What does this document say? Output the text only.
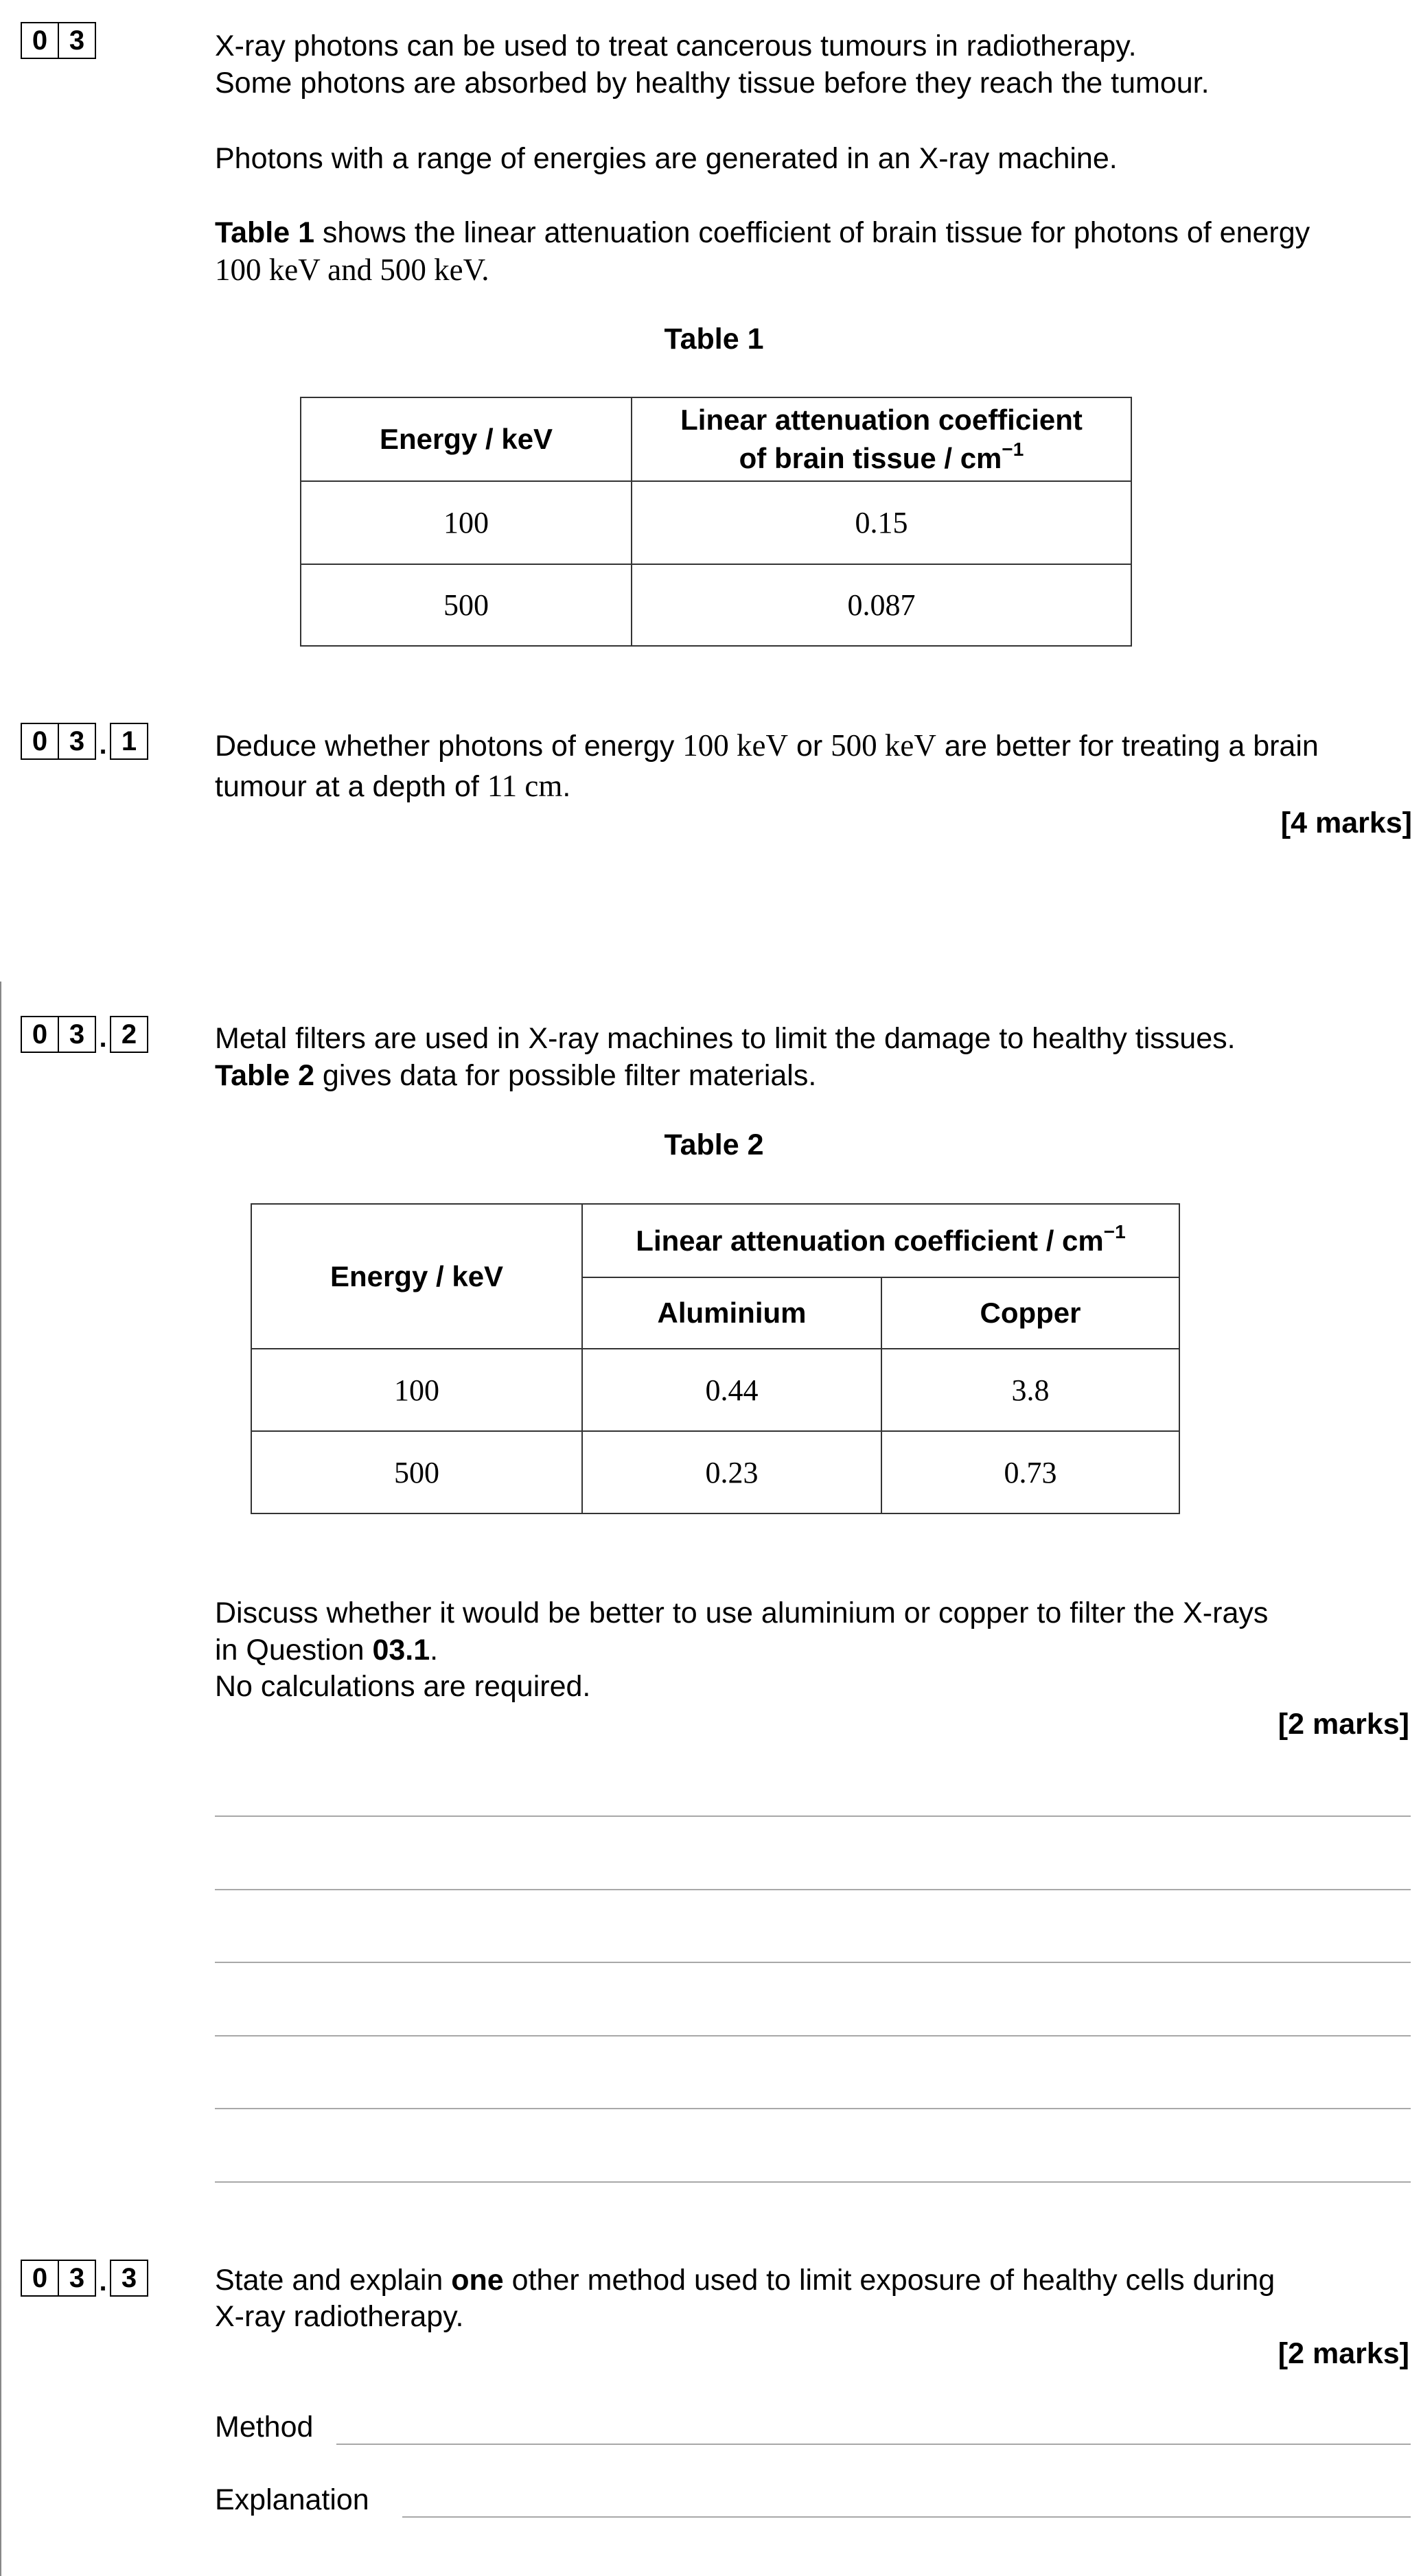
0 3	X-ray photons can be used to treat cancerous tumours in radiotherapy.
Some photons are absorbed by healthy tissue before they reach the tumour.
Photons with a range of energies are generated in an X-ray machine.
Table 1 shows the linear attenuation coefficient of brain tissue for photons of energy
100 keV and 500 keV.
Table 1
Energy / keV	Linear attenuation coefficient
of brain tissue / $cm^{-1}$

100	0.15
500	0.087
0 3 . 1	Deduce whether photons of energy 100 keV or 500 keV are better for treating a brain
tumour at a depth of 11 cm.
[4 marks]
0 3 . 2	Metal filters are used in X-ray machines to limit the damage to healthy tissues.
Table 2 gives data for possible filter materials.
Table 2
Energy / keV	Linear attenuation coefficient / $cm^{-1}$
	Aluminium	Copper
100	0.44	3.8
500	0.23	0.73
Discuss whether it would be better to use aluminium or copper to filter the X-rays
in Question 03.1.
No calculations are required.
[2 marks]
0 3 . 3	State and explain one other method used to limit exposure of healthy cells during
X-ray radiotherapy.
[2 marks]
Method
Explanation
